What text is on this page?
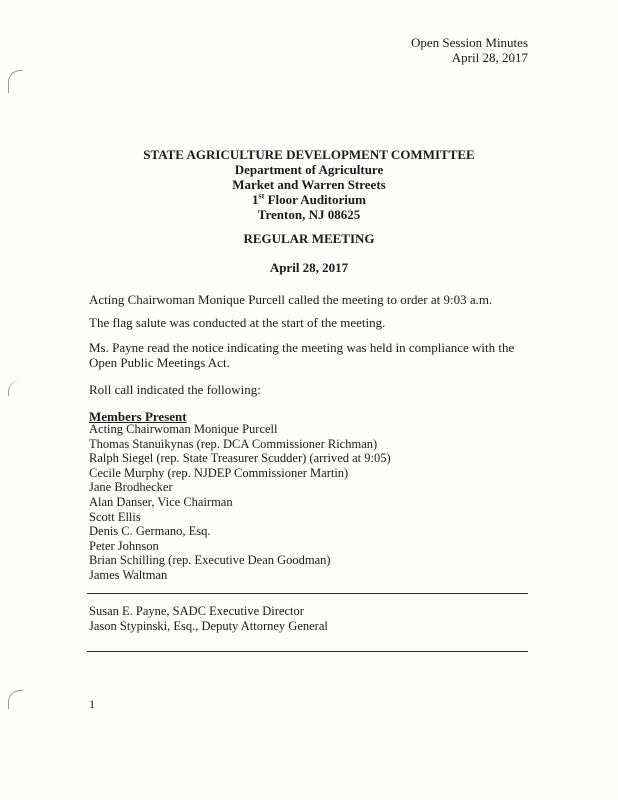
Open Session Minutes
April 28, 2017
STATE AGRICULTURE DEVELOPMENT COMMITTEE
Department of Agriculture
Market and Warren Streets
1st Floor Auditorium
Trenton, NJ 08625
REGULAR MEETING
April 28, 2017
Acting Chairwoman Monique Purcell called the meeting to order at 9:03 a.m.
The flag salute was conducted at the start of the meeting.
Ms. Payne read the notice indicating the meeting was held in compliance with the Open Public Meetings Act.
Roll call indicated the following:
Members Present
Acting Chairwoman Monique Purcell
Thomas Stanuikynas (rep. DCA Commissioner Richman)
Ralph Siegel (rep. State Treasurer Scudder) (arrived at 9:05)
Cecile Murphy (rep. NJDEP Commissioner Martin)
Jane Brodhecker
Alan Danser, Vice Chairman
Scott Ellis
Denis C. Germano, Esq.
Peter Johnson
Brian Schilling (rep. Executive Dean Goodman)
James Waltman
Susan E. Payne, SADC Executive Director
Jason Stypinski, Esq., Deputy Attorney General
1
